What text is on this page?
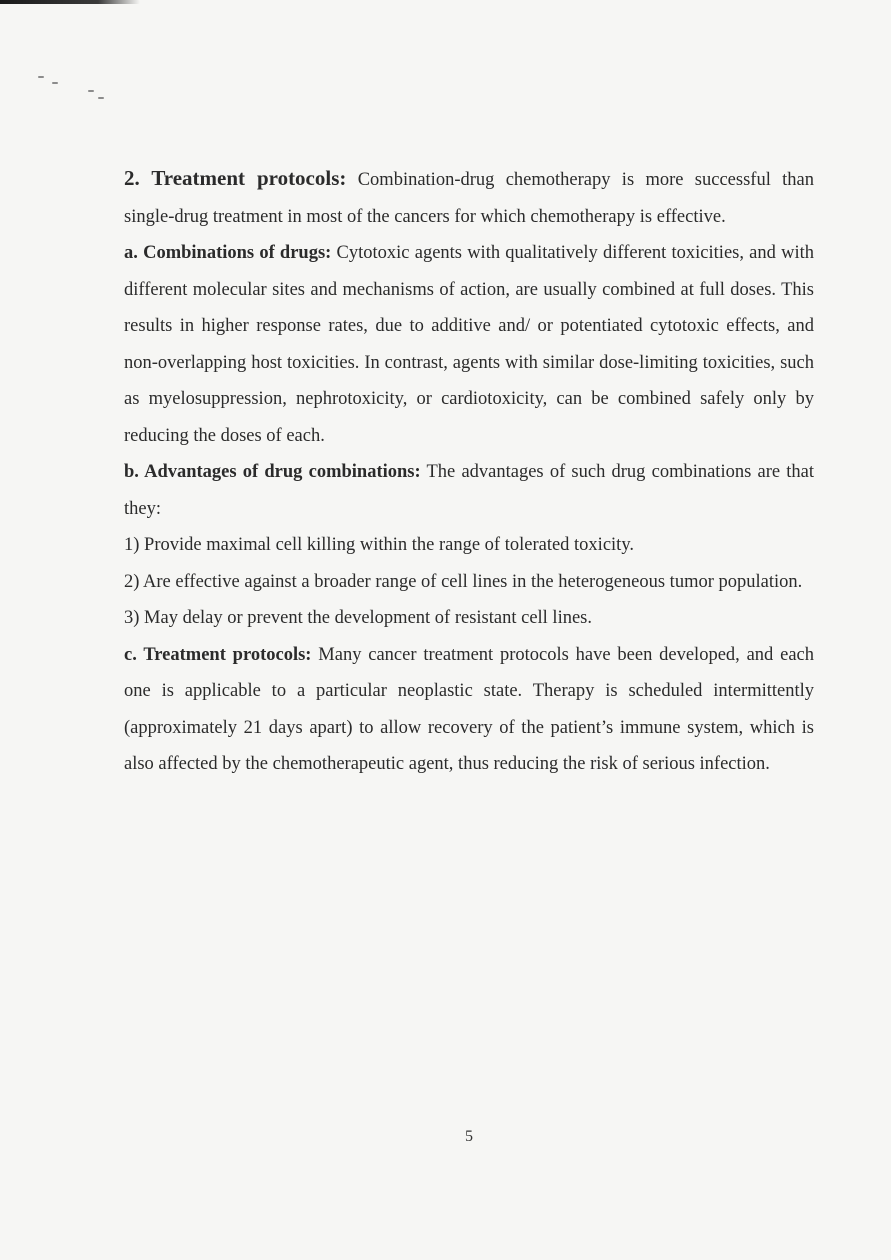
2. Treatment protocols: Combination-drug chemotherapy is more successful than single-drug treatment in most of the cancers for which chemotherapy is effective.

a. Combinations of drugs: Cytotoxic agents with qualitatively different toxicities, and with different molecular sites and mechanisms of action, are usually combined at full doses. This results in higher response rates, due to additive and/ or potentiated cytotoxic effects, and non-overlapping host toxicities. In contrast, agents with similar dose-limiting toxicities, such as myelosuppression, nephrotoxicity, or cardiotoxicity, can be combined safely only by reducing the doses of each.

b. Advantages of drug combinations: The advantages of such drug combinations are that they:

1) Provide maximal cell killing within the range of tolerated toxicity.

2) Are effective against a broader range of cell lines in the heterogeneous tumor population.

3) May delay or prevent the development of resistant cell lines.

c. Treatment protocols: Many cancer treatment protocols have been developed, and each one is applicable to a particular neoplastic state. Therapy is scheduled intermittently (approximately 21 days apart) to allow recovery of the patient’s immune system, which is also affected by the chemotherapeutic agent, thus reducing the risk of serious infection.

5
